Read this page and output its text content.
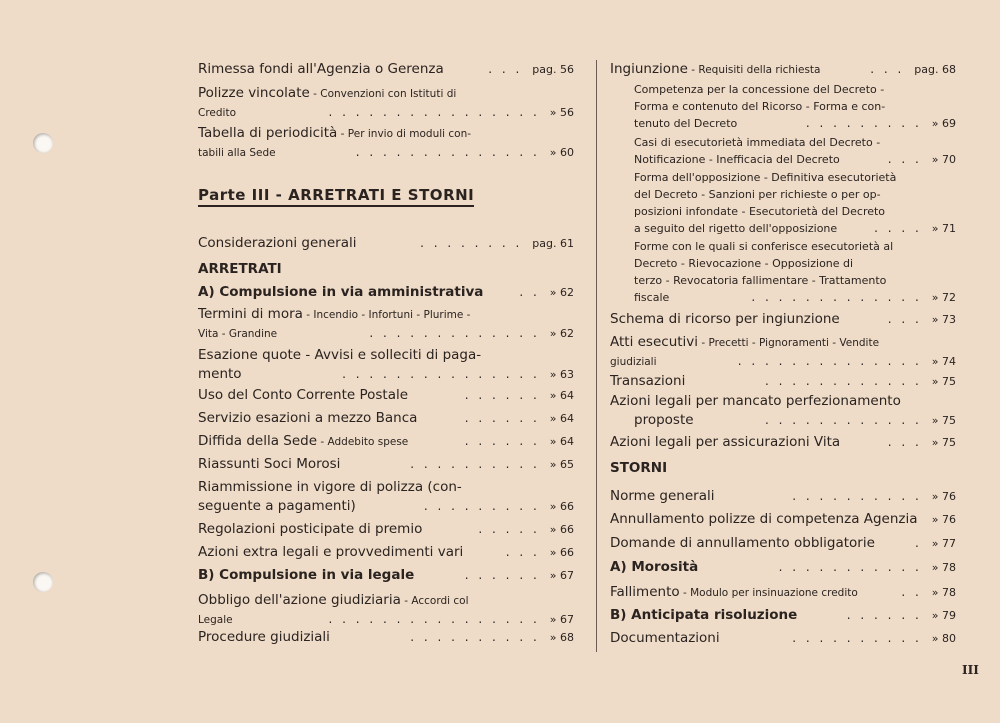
Rimessa fondi all'Agenzia o Gerenza	pag. 56
. . .
Polizze vincolate - Convenzioni con Istituti di
Credito	» 56
. . . . . . . . . . . . . . . .
Tabella di periodicità - Per invio di moduli con-
tabili alla Sede	» 60
. . . . . . . . . . . . . .
Parte III - ARRETRATI E STORNI
Considerazioni generali	pag. 61
. . . . . . . .
ARRETRATI
A) Compulsione in via amministrativa	» 62
. .
Termini di mora - Incendio - Infortuni - Plurime -
Vita - Grandine	» 62
. . . . . . . . . . . . .
Esazione quote - Avvisi e solleciti di paga-
mento	» 63
. . . . . . . . . . . . . . .
Uso del Conto Corrente Postale	» 64
. . . . . .
Servizio esazioni a mezzo Banca	» 64
. . . . . .
Diffida della Sede - Addebito spese	» 64
. . . . . .
Riassunti Soci Morosi	» 65
. . . . . . . . . .
Riammissione in vigore di polizza (con-
seguente a pagamenti)	» 66
. . . . . . . . .
Regolazioni posticipate di premio	» 66
. . . . .
Azioni extra legali e provvedimenti vari	» 66
. . .
B) Compulsione in via legale	» 67
. . . . . .
Obbligo dell'azione giudiziaria - Accordi col
Legale	» 67
. . . . . . . . . . . . . . . .
Procedure giudiziali	» 68
. . . . . . . . . .
Ingiunzione - Requisiti della richiesta	pag. 68
. . .
Competenza per la concessione del Decreto -
Forma e contenuto del Ricorso - Forma e con-
tenuto del Decreto	» 69
. . . . . . . . .
Casi di esecutorietà immediata del Decreto -
Notificazione - Inefficacia del Decreto	» 70
. . .
Forma dell'opposizione - Definitiva esecutorietà
del Decreto - Sanzioni per richieste o per op-
posizioni infondate - Esecutorietà del Decreto
a seguito del rigetto dell'opposizione	» 71
. . . .
Forme con le quali si conferisce esecutorietà al
Decreto - Rievocazione - Opposizione di
terzo - Revocatoria fallimentare - Trattamento
fiscale	» 72
. . . . . . . . . . . . .
Schema di ricorso per ingiunzione	» 73
. . .
Atti esecutivi - Precetti - Pignoramenti - Vendite
giudiziali	» 74
. . . . . . . . . . . . . .
Transazioni	» 75
. . . . . . . . . . . .
Azioni legali per mancato perfezionamento
proposte	» 75
. . . . . . . . . . . .
Azioni legali per assicurazioni Vita	» 75
. . .
STORNI
Norme generali	» 76
. . . . . . . . . .
Annullamento polizze di competenza Agenzia » 76
Domande di annullamento obbligatorie	» 77
.
A) Morosità	» 78
. . . . . . . . . . .
Fallimento - Modulo per insinuazione credito	» 78
. .
B) Anticipata risoluzione	» 79
. . . . . .
Documentazioni	» 80
. . . . . . . . . .
III
